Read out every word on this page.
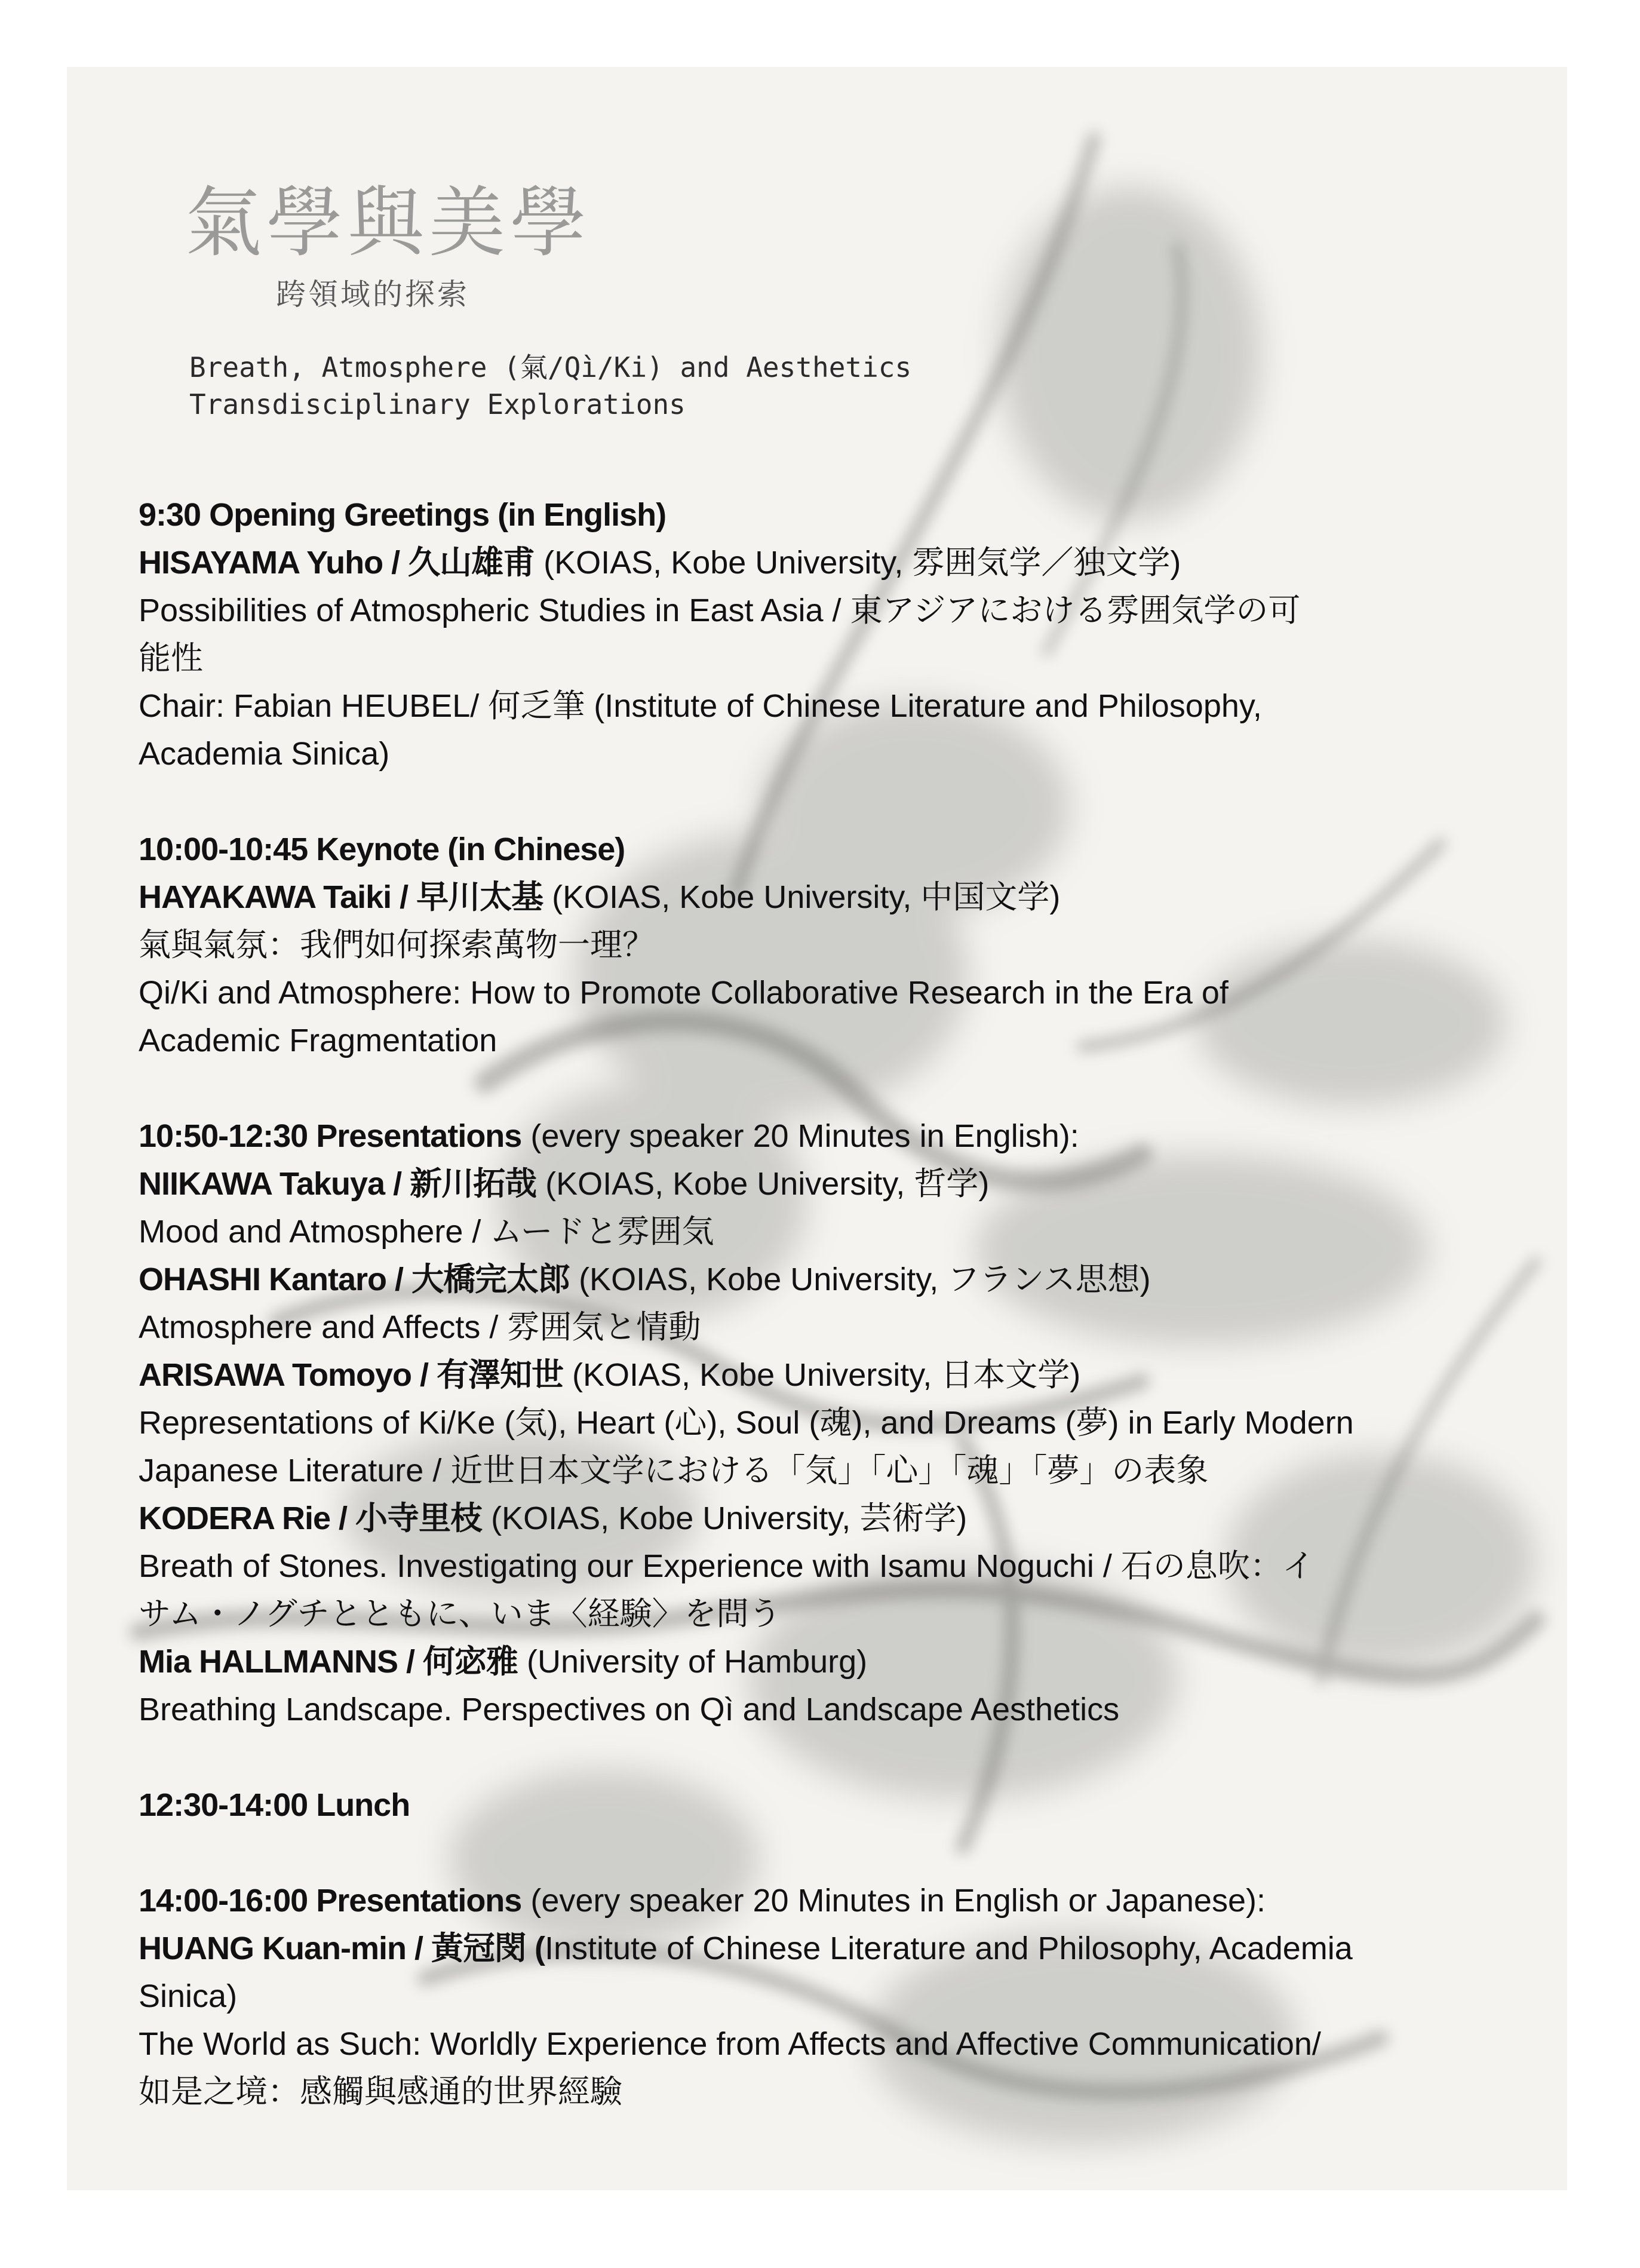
氣學與美學
跨領域的探索
Breath, Atmosphere (氣/Qì/Ki) and Aesthetics
Transdisciplinary Explorations
9:30 Opening Greetings (in English)
HISAYAMA Yuho / 久山雄甫 (KOIAS, Kobe University, 雰囲気学／独文学)
Possibilities of Atmospheric Studies in East Asia / 東アジアにおける雰囲気学の可
能性
Chair: Fabian HEUBEL/ 何乏筆 (Institute of Chinese Literature and Philosophy,
Academia Sinica)
10:00-10:45 Keynote (in Chinese)
HAYAKAWA Taiki / 早川太基 (KOIAS, Kobe University, 中国文学)
氣與氣氛：我們如何探索萬物一理？
Qi/Ki and Atmosphere: How to Promote Collaborative Research in the Era of
Academic Fragmentation
10:50-12:30 Presentations (every speaker 20 Minutes in English):
NIIKAWA Takuya / 新川拓哉 (KOIAS, Kobe University, 哲学)
Mood and Atmosphere / ムードと雰囲気
OHASHI Kantaro / 大橋完太郎 (KOIAS, Kobe University, フランス思想)
Atmosphere and Affects / 雰囲気と情動
ARISAWA Tomoyo / 有澤知世 (KOIAS, Kobe University, 日本文学)
Representations of Ki/Ke (気), Heart (心), Soul (魂), and Dreams (夢) in Early Modern
Japanese Literature / 近世日本文学における「気」「心」「魂」「夢」の表象
KODERA Rie / 小寺里枝 (KOIAS, Kobe University, 芸術学)
Breath of Stones. Investigating our Experience with Isamu Noguchi / 石の息吹：イ
サム・ノグチとともに、いま〈経験〉を問う
Mia HALLMANNS / 何宓雅 (University of Hamburg)
Breathing Landscape. Perspectives on Qì and Landscape Aesthetics
12:30-14:00 Lunch
14:00-16:00 Presentations (every speaker 20 Minutes in English or Japanese):
HUANG Kuan-min / 黃冠閔 (Institute of Chinese Literature and Philosophy, Academia
Sinica)
The World as Such: Worldly Experience from Affects and Affective Communication/
如是之境：感觸與感通的世界經驗
